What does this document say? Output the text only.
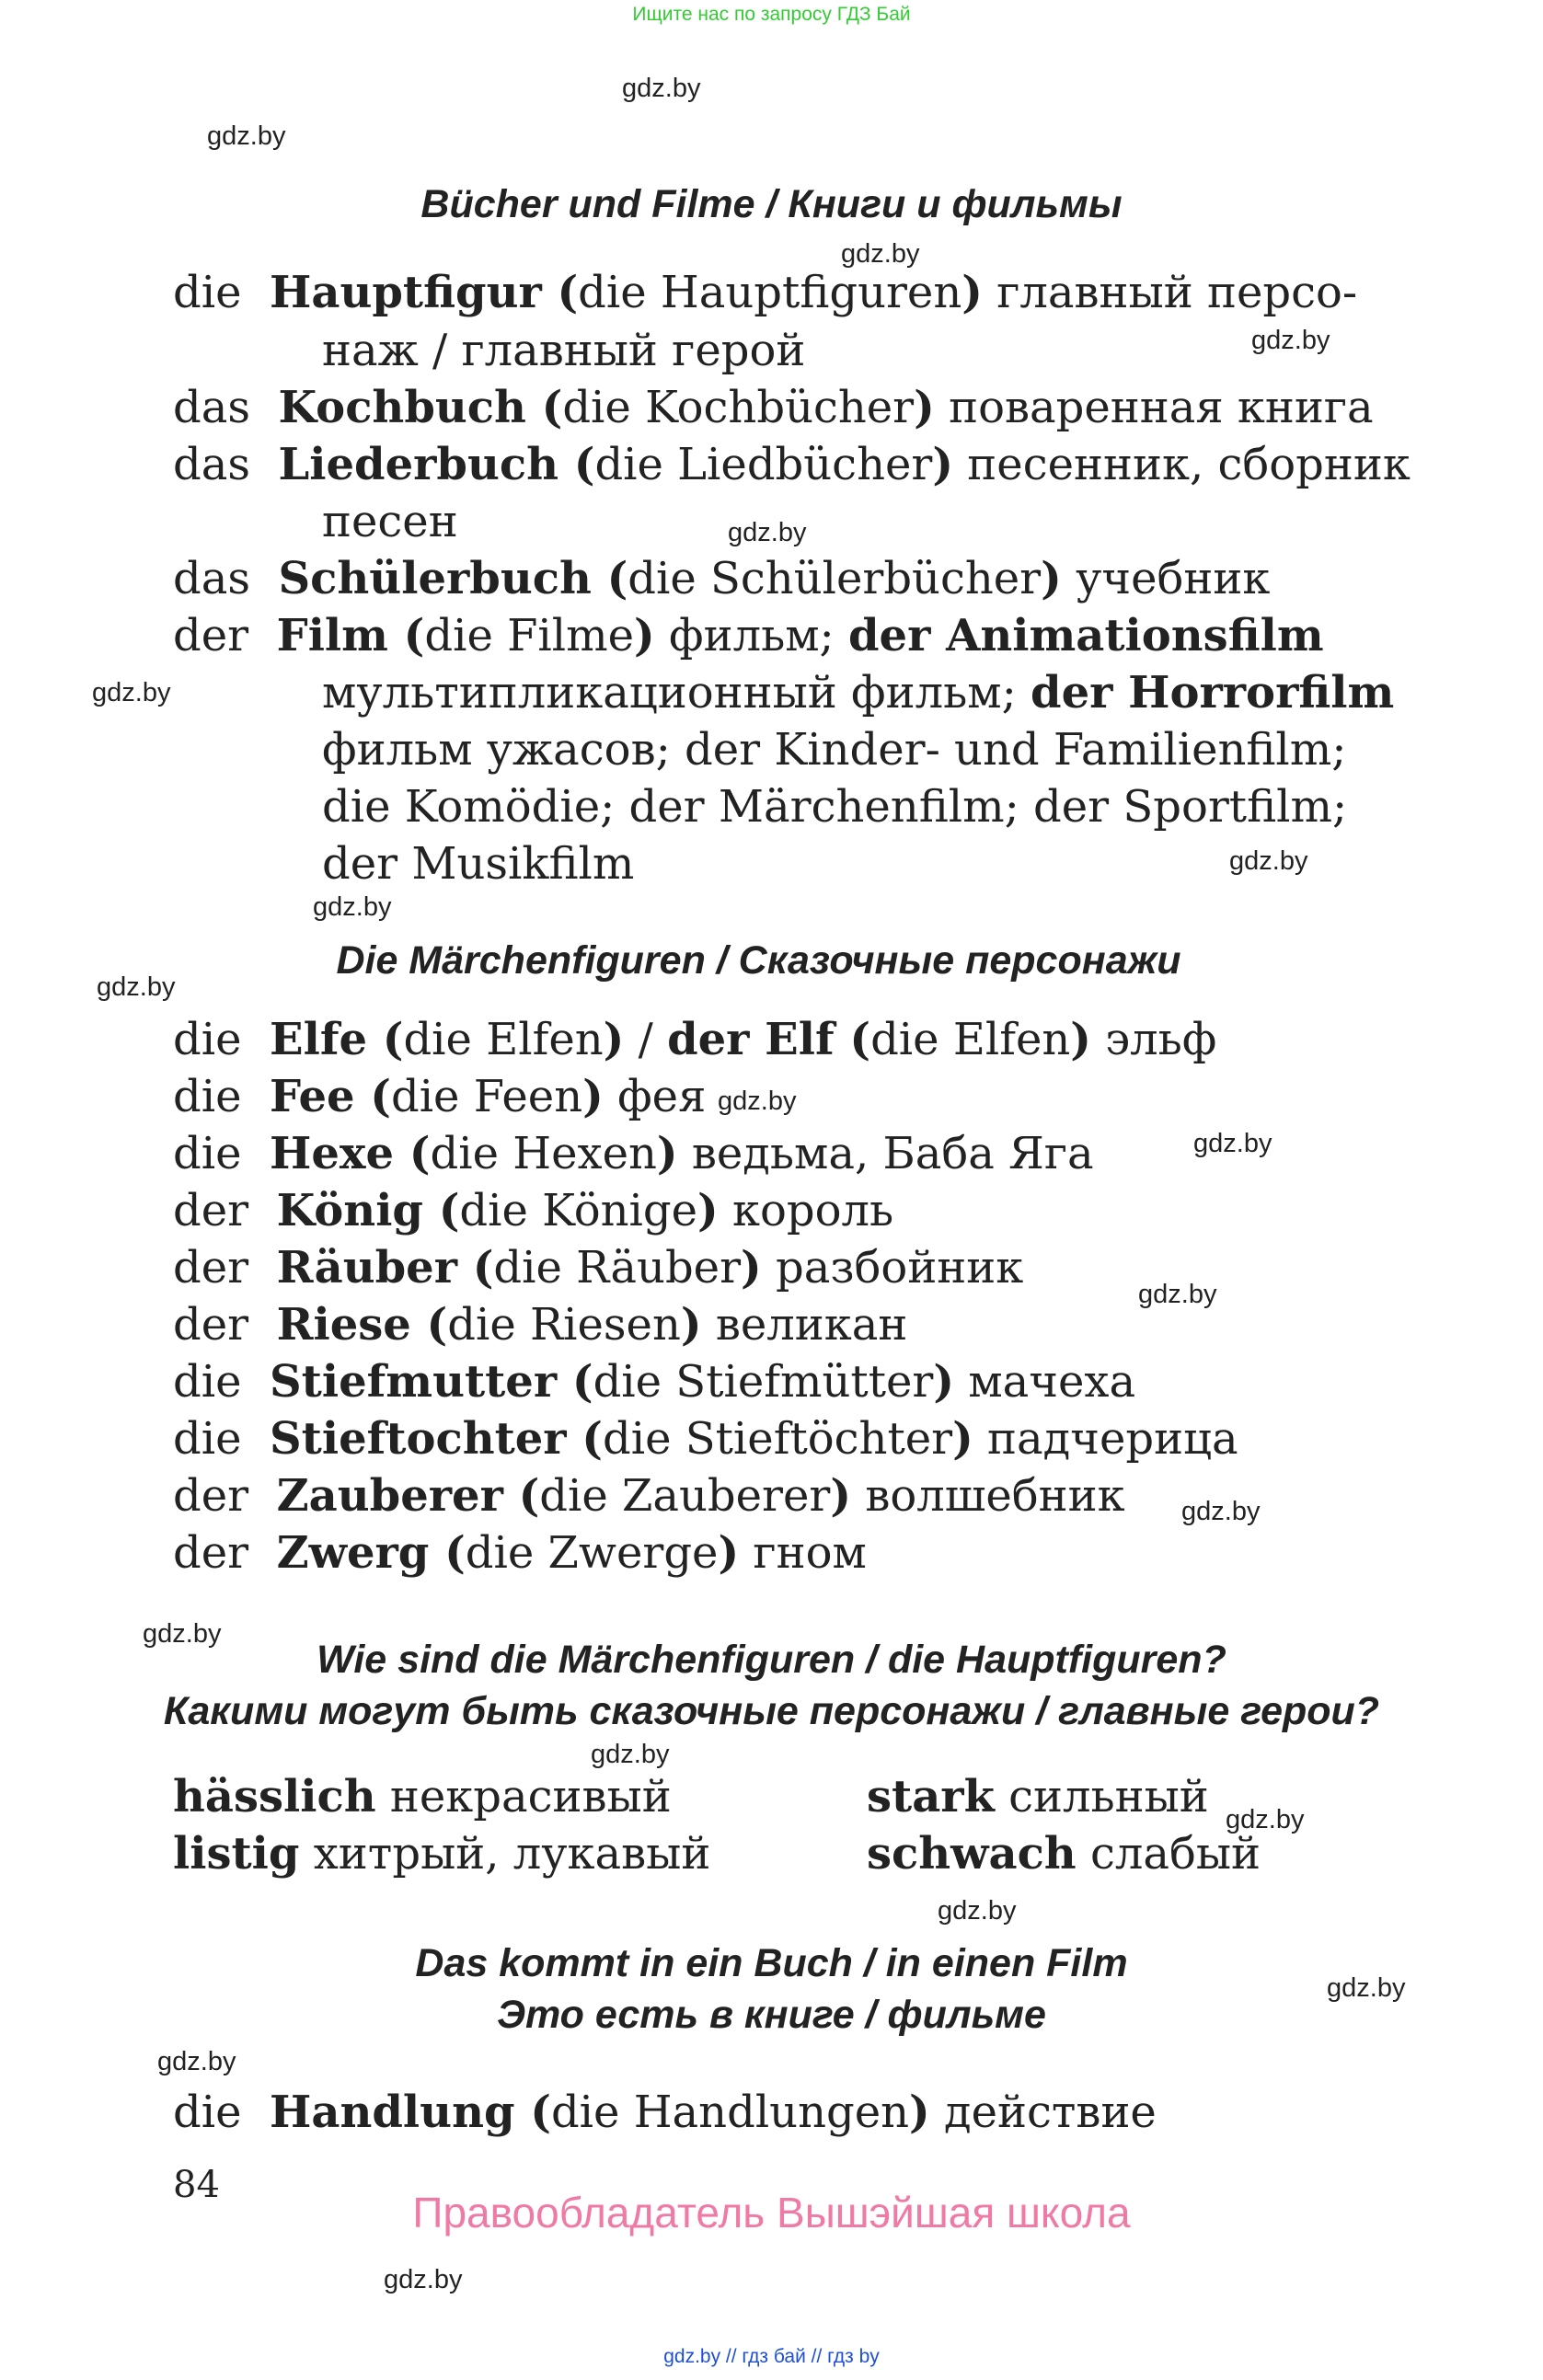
Ищите нас по запросу ГДЗ Бай
gdz.by
gdz.by
gdz.by
gdz.by
gdz.by
gdz.by
gdz.by
gdz.by
gdz.by
gdz.by
gdz.by
gdz.by
gdz.by
gdz.by
gdz.by
gdz.by
gdz.by
gdz.by
gdz.by
gdz.by
Bücher und Filme / Книги и фильмы
die Hauptfigur (die Hauptfiguren) главный персо-
наж / главный герой
das Kochbuch (die Kochbücher) поваренная книга
das Liederbuch (die Liedbücher) песенник, сборник
песен
das Schülerbuch (die Schülerbücher) учебник
der Film (die Filme) фильм; der Animationsfilm
мультипликационный фильм; der Horrorfilm
фильм ужасов; der Kinder- und Familienfilm;
die Komödie; der Märchenfilm; der Sportfilm;
der Musikfilm
Die Märchenfiguren / Сказочные персонажи
die Elfe (die Elfen) / der Elf (die Elfen) эльф
die Fee (die Feen) фея
die Hexe (die Hexen) ведьма, Баба Яга
der König (die Könige) король
der Räuber (die Räuber) разбойник
der Riese (die Riesen) великан
die Stiefmutter (die Stiefmütter) мачеха
die Stieftochter (die Stieftöchter) падчерица
der Zauberer (die Zauberer) волшебник
der Zwerg (die Zwerge) гном
Wie sind die Märchenfiguren / die Hauptfiguren?
Какими могут быть сказочные персонажи / главные герои?
hässlich некрасивый
listig хитрый, лукавый
stark сильный
schwach слабый
Das kommt in ein Buch / in einen Film
Это есть в книге / фильме
die Handlung (die Handlungen) действие
84
Правообладатель Вышэйшая школа
gdz.by // гдз бай // гдз by
